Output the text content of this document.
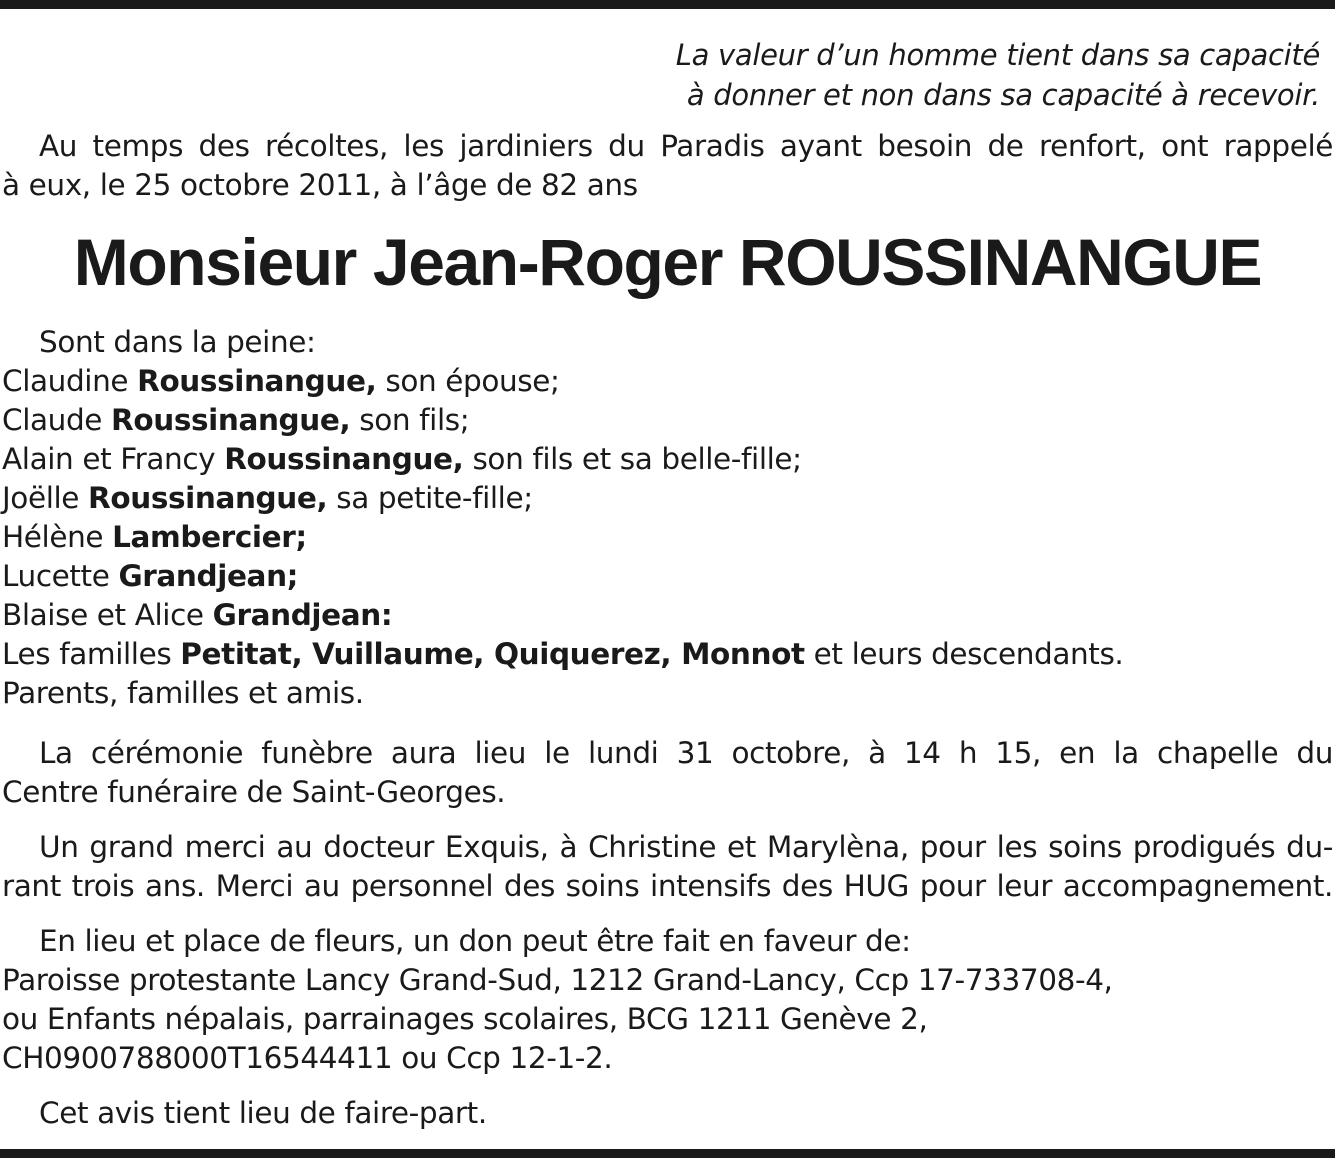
La valeur d’un homme tient dans sa capacité
à donner et non dans sa capacité à recevoir.
Au temps des récoltes, les jardiniers du Paradis ayant besoin de renfort, ont rappelé
à eux, le 25 octobre 2011, à l’âge de 82 ans
Monsieur Jean-Roger ROUSSINANGUE
Sont dans la peine:
Claudine Roussinangue, son épouse;
Claude Roussinangue, son fils;
Alain et Francy Roussinangue, son fils et sa belle-fille;
Joëlle Roussinangue, sa petite-fille;
Hélène Lambercier;
Lucette Grandjean;
Blaise et Alice Grandjean:
Les familles Petitat, Vuillaume, Quiquerez, Monnot et leurs descendants.
Parents, familles et amis.
La cérémonie funèbre aura lieu le lundi 31 octobre, à 14 h 15, en la chapelle du
Centre funéraire de Saint-Georges.
Un grand merci au docteur Exquis, à Christine et Marylèna, pour les soins prodigués du-
rant trois ans. Merci au personnel des soins intensifs des HUG pour leur accompagnement.
En lieu et place de fleurs, un don peut être fait en faveur de:
Paroisse protestante Lancy Grand-Sud, 1212 Grand-Lancy, Ccp 17-733708-4,
ou Enfants népalais, parrainages scolaires, BCG 1211 Genève 2,
CH0900788000T16544411 ou Ccp 12-1-2.
Cet avis tient lieu de faire-part.
